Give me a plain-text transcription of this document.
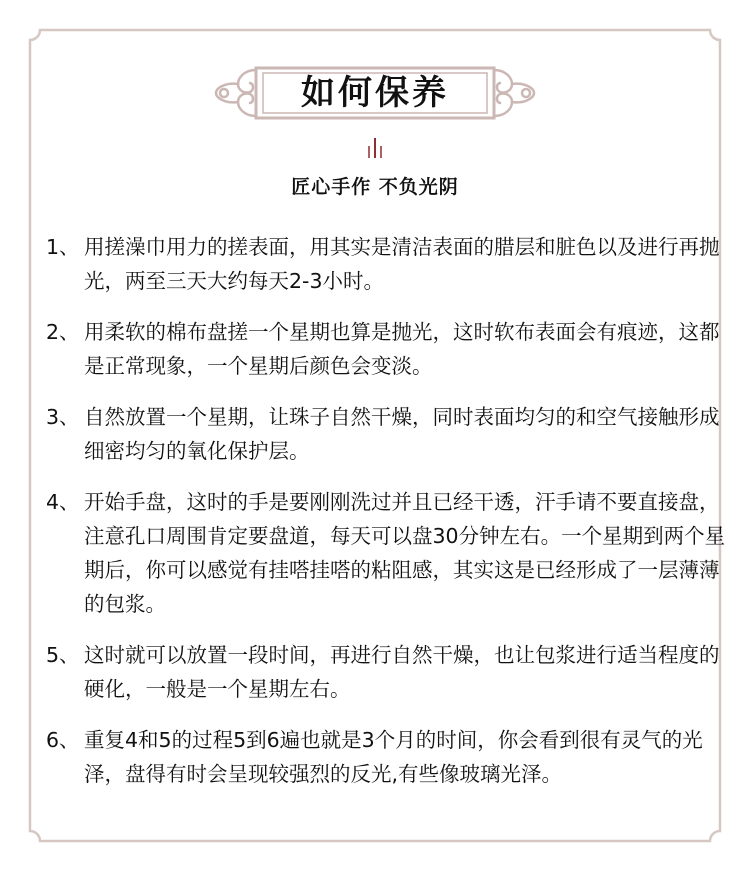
如何保养
匠心手作 不负光阴
1、 用搓澡巾用力的搓表面，用其实是清洁表面的腊层和脏色以及进行再抛光，两至三天大约每天2-3小时。
2、 用柔软的棉布盘搓一个星期也算是抛光，这时软布表面会有痕迹，这都是正常现象，一个星期后颜色会变淡。
3、 自然放置一个星期，让珠子自然干燥，同时表面均匀的和空气接触形成细密均匀的氧化保护层。
4、 开始手盘，这时的手是要刚刚洗过并且已经干透，汗手请不要直接盘，注意孔口周围肯定要盘道，每天可以盘30分钟左右。一个星期到两个星期后，你可以感觉有挂嗒挂嗒的粘阻感，其实这是已经形成了一层薄薄的包浆。
5、 这时就可以放置一段时间，再进行自然干燥，也让包浆进行适当程度的硬化，一般是一个星期左右。
6、 重复4和5的过程5到6遍也就是3个月的时间，你会看到很有灵气的光泽，盘得有时会呈现较强烈的反光,有些像玻璃光泽。
